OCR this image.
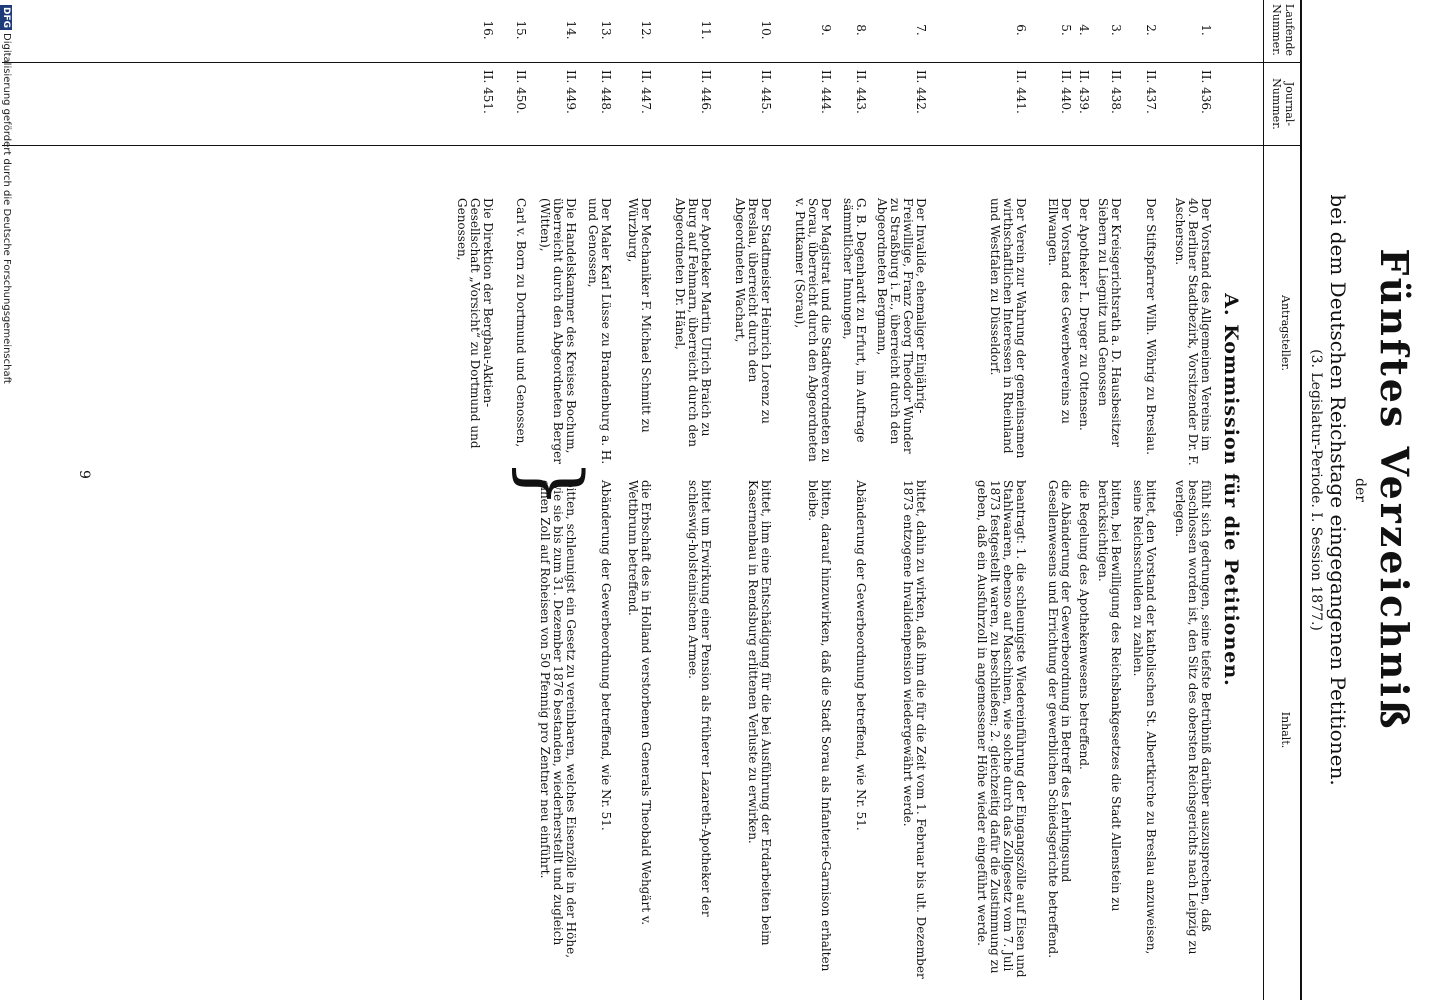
Fünftes Verzeichniß
der
bei dem Deutschen Reichstage eingegangenen Petitionen.
(3. Legislatur-Periode. I. Session 1877.)
Laufende Nummer.
Journal-Nummer.
Antragsteller.
Inhalt.
A. Kommission für die Petitionen.
1.
II. 436.
Der Vorstand des Allgemeinen Vereins im 40. Berliner Stadtbezirk, Vorsitzender Dr. F. Ascherson.
fühlt sich gedrungen, seine tiefste Betrübniß darüber auszusprechen, daß beschlossen worden ist, den Sitz des obersten Reichsgerichts nach Leipzig zu verlegen.
2.
II. 437.
Der Stiftspfarrer Wilh. Wöhrig zu Breslau.
bittet, den Vorstand der katholischen St. Albertkirche zu Breslau anzuweisen, seine Reichsschulden zu zahlen.
3.
II. 438.
Der Kreisgerichtsrath a. D. Hausbesitzer Siebern zu Liegnitz und Genossen
bitten, bei Bewilligung des Reichsbankgesetzes die Stadt Allenstein zu berücksichtigen.
4.
II. 439.
Der Apotheker L. Dreger zu Ottensen.
die Regelung des Apothekenwesens betreffend.
5.
II. 440.
Der Vorstand des Gewerbevereins zu Ellwangen.
die Abänderung der Gewerbeordnung in Betreff des Lehrlingsund Gesellenwesens und Errichtung der gewerblichen Schiedsgerichte betreffend.
6.
II. 441.
Der Verein zur Wahrung der gemeinsamen wirthschaftlichen Interessen in Rheinland und Westfalen zu Düsseldorf.
beantragt: 1. die schleunigste Wiedereinführung der Eingangszölle auf Eisen und Stahlwaaren, ebenso auf Maschinen, wie solche durch das Zollgesetz vom 7. Juli 1873 festgestellt waren, zu beschließen; 2. gleichzeitig dafür die Zustimmung zu geben, daß ein Ausfuhrzoll in angemessener Höhe wieder eingeführt werde.
7.
II. 442.
Der Invalide, ehemaliger Einjährig-Freiwillige, Franz Georg Theodor Wunder zu Straßburg i. E., überreicht durch den Abgeordneten Bergmann,
bittet, dahin zu wirken, daß ihm die für die Zeit vom 1. Februar bis ult. Dezember 1873 entzogene Invalidenpension wiedergewährt werde.
8.
II. 443.
G. B. Degenhardt zu Erfurt, im Auftrage sämmtlicher Innungen,
Abänderung der Gewerbeordnung betreffend, wie Nr. 51.
9.
II. 444.
Der Magistrat und die Stadtverordneten zu Sorau, überreicht durch den Abgeordneten v. Puttkamer (Sorau),
bitten, darauf hinzuwirken, daß die Stadt Sorau als Infanterie-Garnison erhalten bleibe.
10.
II. 445.
Der Stadtmeister Heinrich Lorenz zu Breslau, überreicht durch den Abgeordneten Wachart,
bittet, ihm eine Entschädigung für die bei Ausführung der Erdarbeiten beim Kasernenbau in Rendsburg erlittenen Verluste zu erwirken.
11.
II. 446.
Der Apotheker Martin Ulrich Braich zu Burg auf Fehmarn, überreicht durch den Abgeordneten Dr. Hänel,
bittet um Erwirkung einer Pension als früherer Lazareth-Apotheker der schleswig-holsteinischen Armee.
12.
II. 447.
Der Mechaniker F. Michael Schmitt zu Würzburg,
die Erbschaft des in Holland verstorbenen Generals Theobald Wehgärt v. Wettbrunn betreffend.
13.
II. 448.
Der Maler Karl Lüsse zu Brandenburg a. H. und Genossen,
Abänderung der Gewerbeordnung betreffend, wie Nr. 51.
14.
II. 449.
Die Handelskammer des Kreises Bochum, überreicht durch den Abgeordneten Berger (Witten),
bitten, schleunigst ein Gesetz zu vereinbaren, welches Eisenzölle in der Höhe, wie sie bis zum 31. Dezember 1876 bestanden, wiederherstellt und zugleich einen Zoll auf Roheisen von 50 Pfennig pro Zentner neu einführt.
15.
II. 450.
Carl v. Born zu Dortmund und Genossen,
16.
II. 451.
Die Direktion der Bergbau-Aktien-Gesellschaft „Vorsicht“ zu Dortmund und Genossen,
}
9
DFGDigitalisierung gefördert durch die Deutsche Forschungsgemeinschaft
